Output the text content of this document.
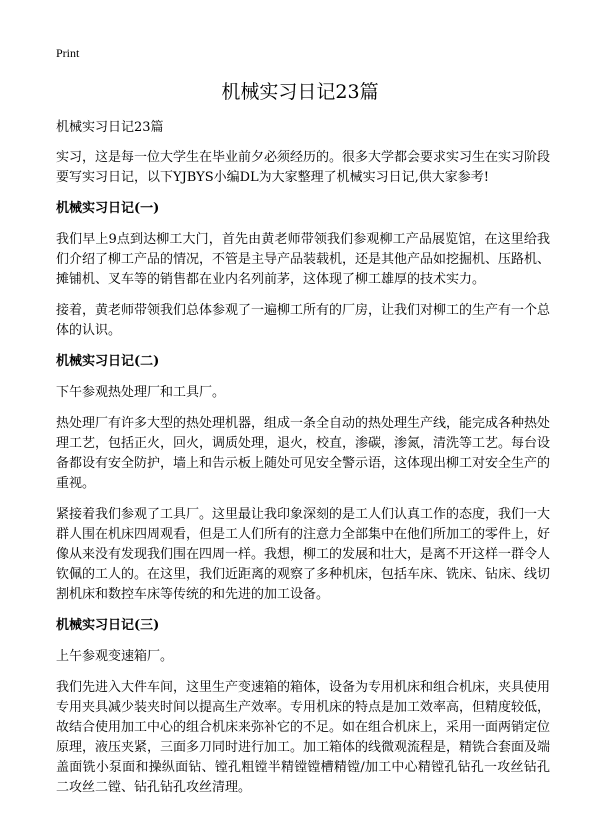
Print
机械实习日记23篇

机械实习日记23篇

实习，这是每一位大学生在毕业前夕必须经历的。很多大学都会要求实习生在实习阶段要写实习日记，以下YJBYS小编DL为大家整理了机械实习日记,供大家参考!

机械实习日记(一)

我们早上9点到达柳工大门，首先由黄老师带领我们参观柳工产品展览馆，在这里给我们介绍了柳工产品的情况，不管是主导产品装载机，还是其他产品如挖掘机、压路机、摊铺机、叉车等的销售都在业内名列前茅，这体现了柳工雄厚的技术实力。

接着，黄老师带领我们总体参观了一遍柳工所有的厂房，让我们对柳工的生产有一个总体的认识。

机械实习日记(二)

下午参观热处理厂和工具厂。

热处理厂有许多大型的热处理机器，组成一条全自动的热处理生产线，能完成各种热处理工艺，包括正火，回火，调质处理，退火，校直，渗碳，渗氮，清洗等工艺。每台设备都设有安全防护，墙上和告示板上随处可见安全警示语，这体现出柳工对安全生产的重视。

紧接着我们参观了工具厂。这里最让我印象深刻的是工人们认真工作的态度，我们一大群人围在机床四周观看，但是工人们所有的注意力全部集中在他们所加工的零件上，好像从来没有发现我们围在四周一样。我想，柳工的发展和壮大，是离不开这样一群令人钦佩的工人的。在这里，我们近距离的观察了多种机床，包括车床、铣床、钻床、线切割机床和数控车床等传统的和先进的加工设备。

机械实习日记(三)

上午参观变速箱厂。

我们先进入大件车间，这里生产变速箱的箱体，设备为专用机床和组合机床，夹具使用专用夹具减少装夹时间以提高生产效率。专用机床的特点是加工效率高，但精度较低，故结合使用加工中心的组合机床来弥补它的不足。如在组合机床上，采用一面两销定位原理，液压夹紧，三面多刀同时进行加工。加工箱体的线微观流程是，精铣合套面及端盖面铣小泵面和操纵面钻、镗孔粗镗半精镗镗槽精镗/加工中心精镗孔钻孔一攻丝钻孔二攻丝二镗、钻孔钻孔攻丝清理。
